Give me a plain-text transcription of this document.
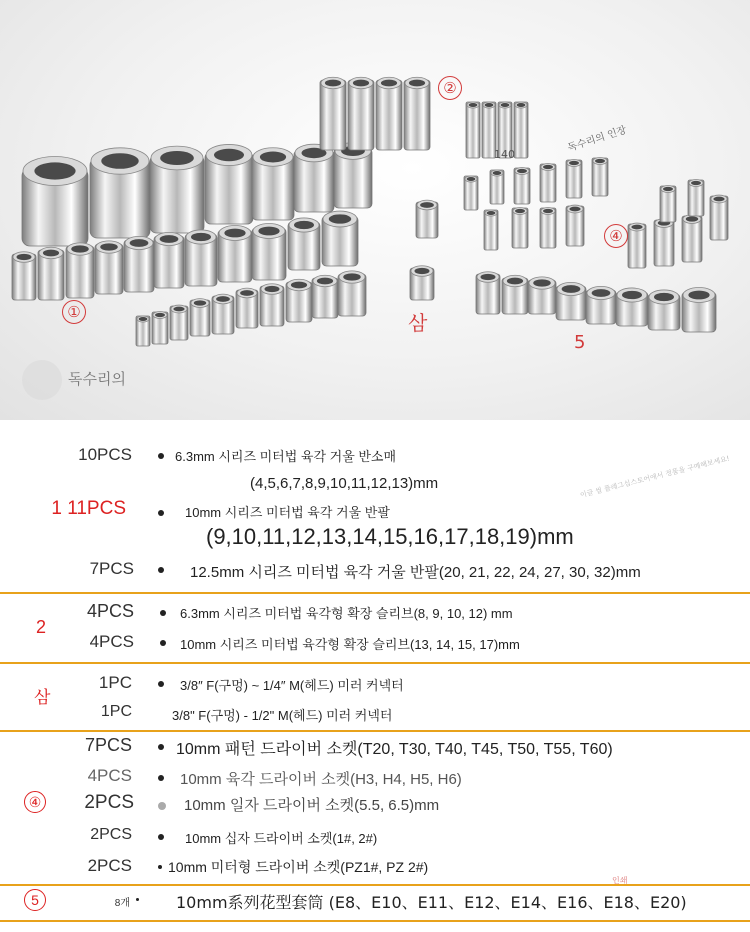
①
②
삼
④
5
140
독수리의
독수리의 인장
10PCS	6.3mm 시리즈 미터법 육각 거울 반소매
(4,5,6,7,8,9,10,11,12,13)mm
1 11PCS	10mm 시리즈 미터법 육각 거울 반팔
(9,10,11,12,13,14,15,16,17,18,19)mm
7PCS	12.5mm 시리즈 미터법 육각 거울 반팔(20, 21, 22, 24, 27, 30, 32)mm
2
4PCS	6.3mm 시리즈 미터법 육각형 확장 슬리브(8, 9, 10, 12) mm
4PCS	10mm 시리즈 미터법 육각형 확장 슬리브(13, 14, 15, 17)mm
삼
1PC	3/8″ F(구멍) ~ 1/4″ M(헤드) 미러 커넥터
1PC	3/8" F(구멍) - 1/2" M(헤드) 미러 커넥터
④
7PCS	10mm 패턴 드라이버 소켓(T20, T30, T40, T45, T50, T55, T60)
4PCS	10mm 육각 드라이버 소켓(H3, H4, H5, H6)
2PCS	10mm 일자 드라이버 소켓(5.5, 6.5)mm
2PCS	10mm 십자 드라이버 소켓(1#, 2#)
2PCS	10mm 미터형 드라이버 소켓(PZ1#, PZ 2#)
5	8개	10mm系列花型套筒 (E8、E10、E11、E12、E14、E16、E18、E20)
이글 씰 플래그십스토어에서 정품을 구매해보세요!
인쇄
